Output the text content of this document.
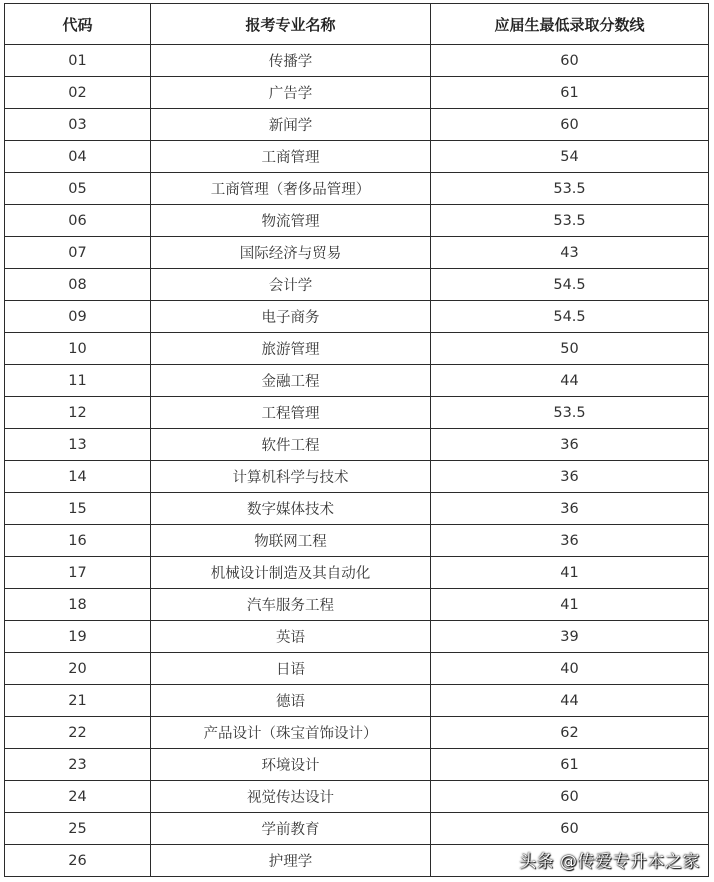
代码	报考专业名称	应届生最低录取分数线
01	传播学	60
02	广告学	61
03	新闻学	60
04	工商管理	54
05	工商管理（奢侈品管理）	53.5
06	物流管理	53.5
07	国际经济与贸易	43
08	会计学	54.5
09	电子商务	54.5
10	旅游管理	50
11	金融工程	44
12	工程管理	53.5
13	软件工程	36
14	计算机科学与技术	36
15	数字媒体技术	36
16	物联网工程	36
17	机械设计制造及其自动化	41
18	汽车服务工程	41
19	英语	39
20	日语	40
21	德语	44
22	产品设计（珠宝首饰设计）	62
23	环境设计	61
24	视觉传达设计	60
25	学前教育	60
26	护理学		头条 @传爱专升本之家
